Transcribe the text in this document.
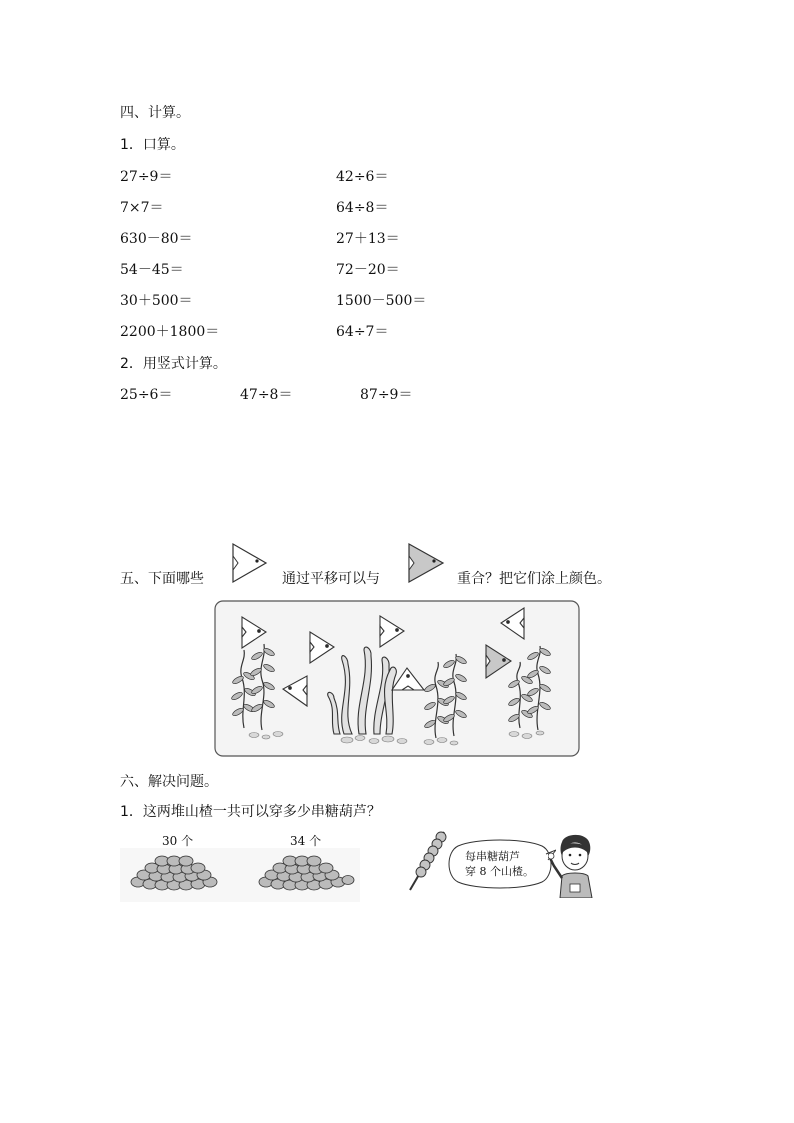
四、计算。
1．口算。
27÷9＝	42÷6＝
7×7＝	64÷8＝
630－80＝	27＋13＝
54－45＝	72－20＝
30＋500＝	1500－500＝
2200＋1800＝	64÷7＝
2．用竖式计算。
25÷6＝	47÷8＝	87÷9＝
五、下面哪些	通过平移可以与	重合？把它们涂上颜色。
六、解决问题。
1．这两堆山楂一共可以穿多少串糖葫芦？
30 个	34 个
每串糖葫芦
穿 8 个山楂。
